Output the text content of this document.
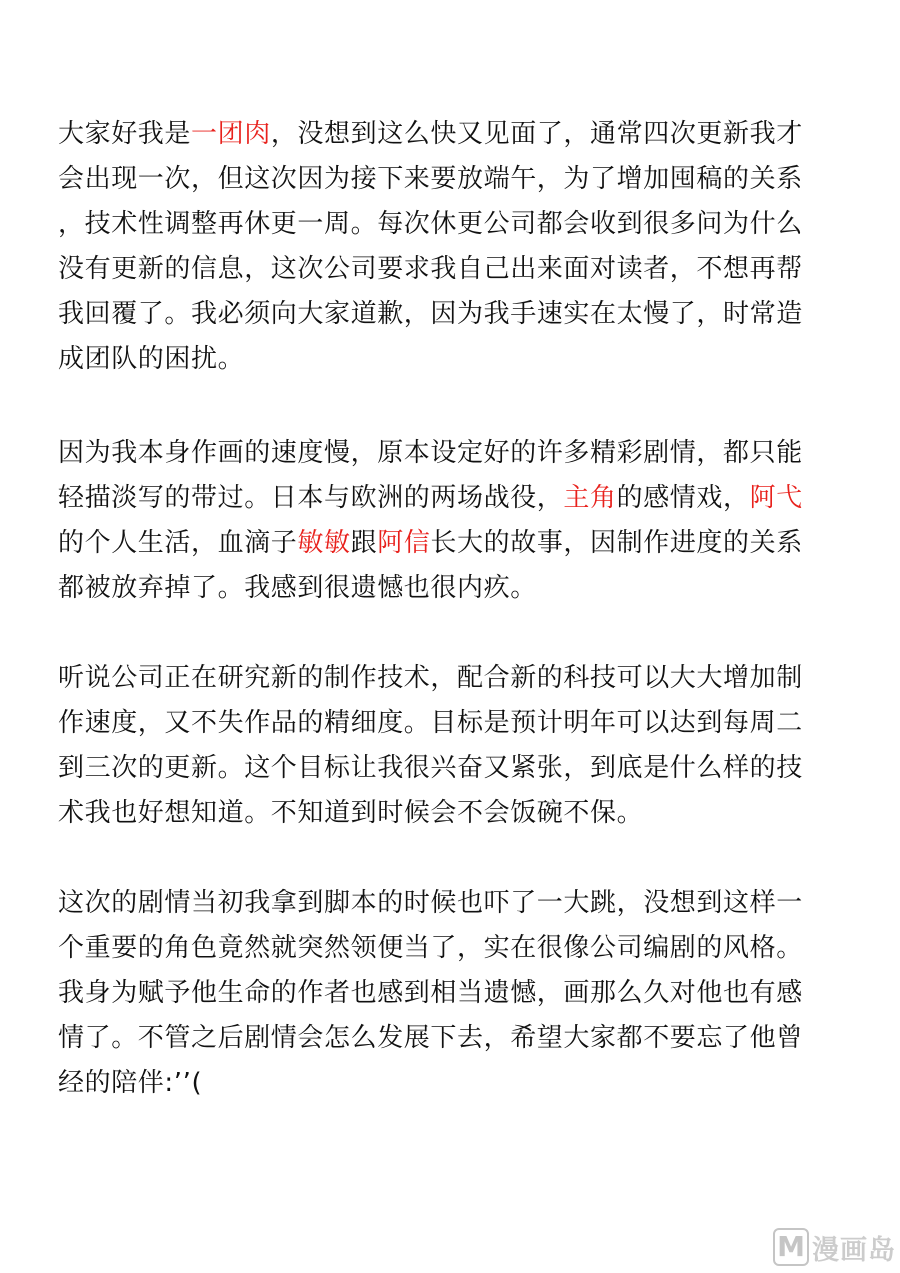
大家好我是一团肉，没想到这么快又见面了，通常四次更新我才
会出现一次，但这次因为接下来要放端午，为了增加囤稿的关系
，技术性调整再休更一周。每次休更公司都会收到很多问为什么
没有更新的信息，这次公司要求我自己出来面对读者，不想再帮
我回覆了。我必须向大家道歉，因为我手速实在太慢了，时常造
成团队的困扰。
因为我本身作画的速度慢，原本设定好的许多精彩剧情，都只能
轻描淡写的带过。日本与欧洲的两场战役，主角的感情戏，阿弋
的个人生活，血滴子敏敏跟阿信长大的故事，因制作进度的关系
都被放弃掉了。我感到很遗憾也很内疚。
听说公司正在研究新的制作技术，配合新的科技可以大大增加制
作速度，又不失作品的精细度。目标是预计明年可以达到每周二
到三次的更新。这个目标让我很兴奋又紧张，到底是什么样的技
术我也好想知道。不知道到时候会不会饭碗不保。
这次的剧情当初我拿到脚本的时候也吓了一大跳，没想到这样一
个重要的角色竟然就突然领便当了，实在很像公司编剧的风格。
我身为赋予他生命的作者也感到相当遗憾，画那么久对他也有感
情了。不管之后剧情会怎么发展下去，希望大家都不要忘了他曾
经的陪伴:’’(
M 漫画岛
